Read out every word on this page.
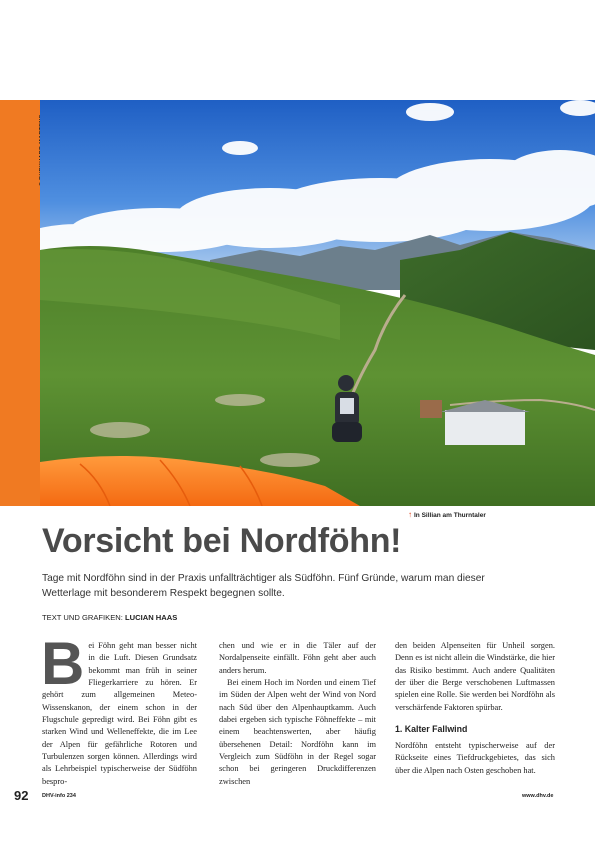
↑ In Sillian am Thurntaler
Vorsicht bei Nordföhn!

Tage mit Nordföhn sind in der Praxis unfallträchtiger als Südföhn. Fünf Gründe, warum man dieser Wetterlage mit besonderem Respekt begegnen sollte.

TEXT UND GRAFIKEN: LUCIAN HAAS
B ei Föhn geht man besser nicht in die Luft. Diesen Grundsatz bekommt man früh in seiner Fliegerkarriere zu hören. Er gehört zum allgemeinen Meteo-Wissenskanon, der einem schon in der Flugschule gepredigt wird. Bei Föhn gibt es starken Wind und Welleneffekte, die im Lee der Alpen für gefährliche Rotoren und Turbulenzen sorgen können. Allerdings wird als Lehrbeispiel typischerweise der Südföhn bespro-

chen und wie er in die Täler auf der Nordalpenseite einfällt. Föhn geht aber auch anders herum.

Bei einem Hoch im Norden und einem Tief im Süden der Alpen weht der Wind von Nord nach Süd über den Alpenhauptkamm. Auch dabei ergeben sich typische Föhneffekte – mit einem beachtenswerten, aber häufig übersehenen Detail: Nordföhn kann im Vergleich zum Südföhn in der Regel sogar schon bei geringeren Druckdifferenzen zwischen

den beiden Alpenseiten für Unheil sorgen. Denn es ist nicht allein die Windstärke, die hier das Risiko bestimmt. Auch andere Qualitäten der über die Berge verschobenen Luftmassen spielen eine Rolle. Sie werden bei Nordföhn als verschärfende Faktoren spürbar.

1. Kalter Fallwind

Nordföhn entsteht typischerweise auf der Rückseite eines Tiefdruckgebietes, das sich über die Alpen nach Osten geschoben hat.

92 DHV-info 234	www.dhv.de
